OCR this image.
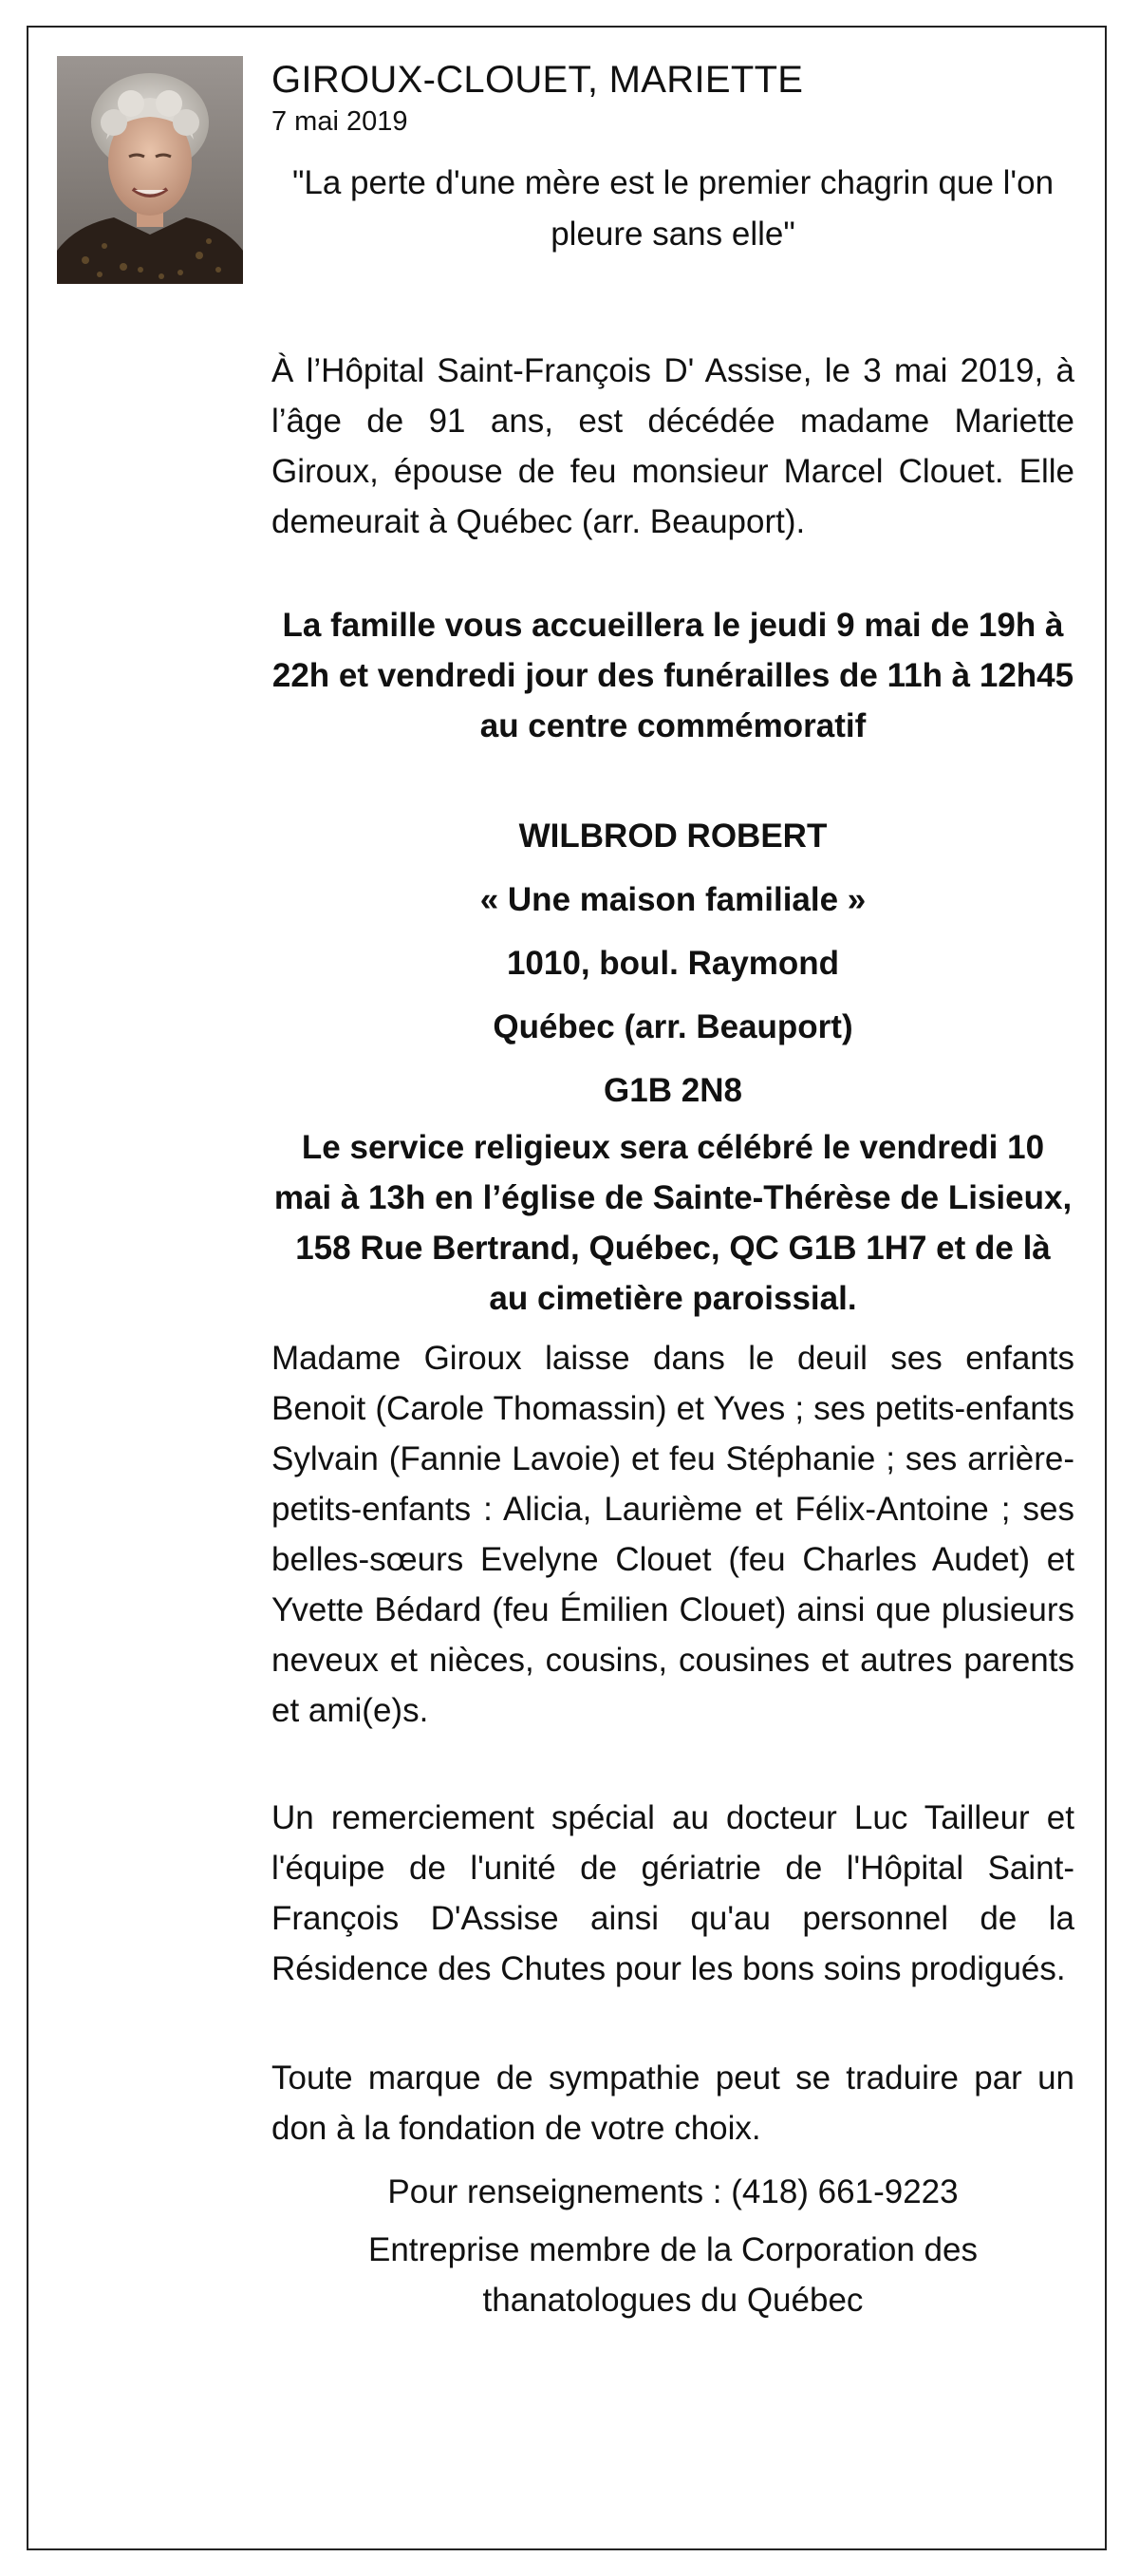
GIROUX-CLOUET, MARIETTE

7 mai 2019

"La perte d'une mère est le premier chagrin que l'on pleure sans elle"

À l’Hôpital Saint-François D' Assise, le 3 mai 2019, à l’âge de 91 ans, est décédée madame Mariette Giroux, épouse de feu monsieur Marcel Clouet. Elle demeurait à Québec (arr. Beauport).

La famille vous accueillera le jeudi 9 mai de 19h à 22h et vendredi jour des funérailles de 11h à 12h45 au centre commémoratif

WILBROD ROBERT

« Une maison familiale »

1010, boul. Raymond

Québec (arr. Beauport)

G1B 2N8

Le service religieux sera célébré le vendredi 10 mai à 13h en l’église de Sainte-Thérèse de Lisieux, 158 Rue Bertrand, Québec, QC G1B 1H7 et de là au cimetière paroissial.

Madame Giroux laisse dans le deuil ses enfants Benoit (Carole Thomassin) et Yves ; ses petits-enfants Sylvain (Fannie Lavoie) et feu Stéphanie ; ses arrière-petits-enfants : Alicia, Laurième et Félix-Antoine ; ses belles-sœurs Evelyne Clouet (feu Charles Audet) et Yvette Bédard (feu Émilien Clouet) ainsi que plusieurs neveux et nièces, cousins, cousines et autres parents et ami(e)s.

Un remerciement spécial au docteur Luc Tailleur et l'équipe de l'unité de gériatrie de l'Hôpital Saint-François D'Assise ainsi qu'au personnel de la Résidence des Chutes pour les bons soins prodigués.

Toute marque de sympathie peut se traduire par un don à la fondation de votre choix.

Pour renseignements : (418) 661-9223

Entreprise membre de la Corporation des thanatologues du Québec
